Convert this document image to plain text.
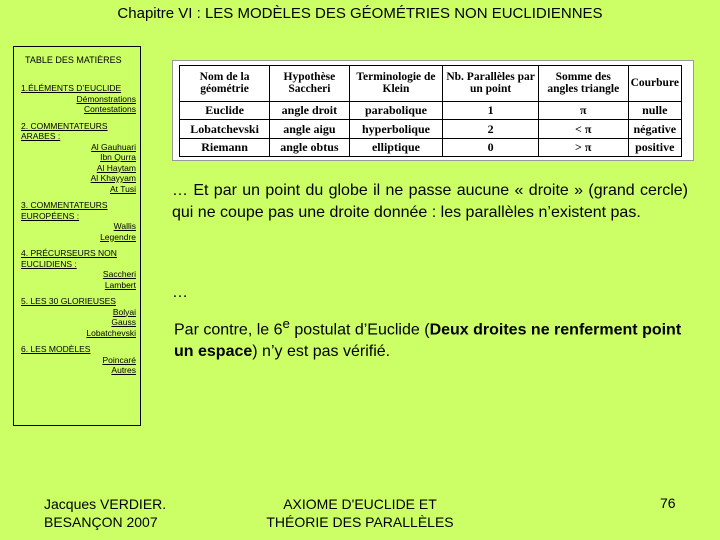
Chapitre VI : LES MODÈLES DES GÉOMÉTRIES NON EUCLIDIENNES
TABLE DES MATIÈRES
1.ÉLÉMENTS D’EUCLIDE
Démonstrations
Contestations
2. COMMENTATEURS ARABES :
Al Gauhuari
Ibn Qurra
Al Haytam
Al Khayyam
At Tusi
3. COMMENTATEURS EUROPÉENS :
Wallis
Legendre
4. PRÉCURSEURS NON EUCLIDIENS :
Saccheri
Lambert
5. LES 30 GLORIEUSES
Bolyai
Gauss
Lobatchevski
6. LES MODÈLES
Poincaré
Autres
Nom de la géométrie	Hypothèse Saccheri	Terminologie de Klein	Nb. Parallèles par un point	Somme des angles triangle	Courbure
Euclide	angle droit	parabolique	1	π	nulle
Lobatchevski	angle aigu	hyperbolique	2	< π	négative
Riemann	angle obtus	elliptique	0	> π	positive
… Et par un point du globe il ne passe aucune « droite » (grand cercle) qui ne coupe pas une droite donnée : les parallèles n’existent pas.
…
Par contre, le 6e postulat d’Euclide (Deux droites ne renferment point un espace) n’y est pas vérifié.
Jacques VERDIER.
BESANÇON 2007
AXIOME D'EUCLIDE ET
THÉORIE DES PARALLÈLES
76
